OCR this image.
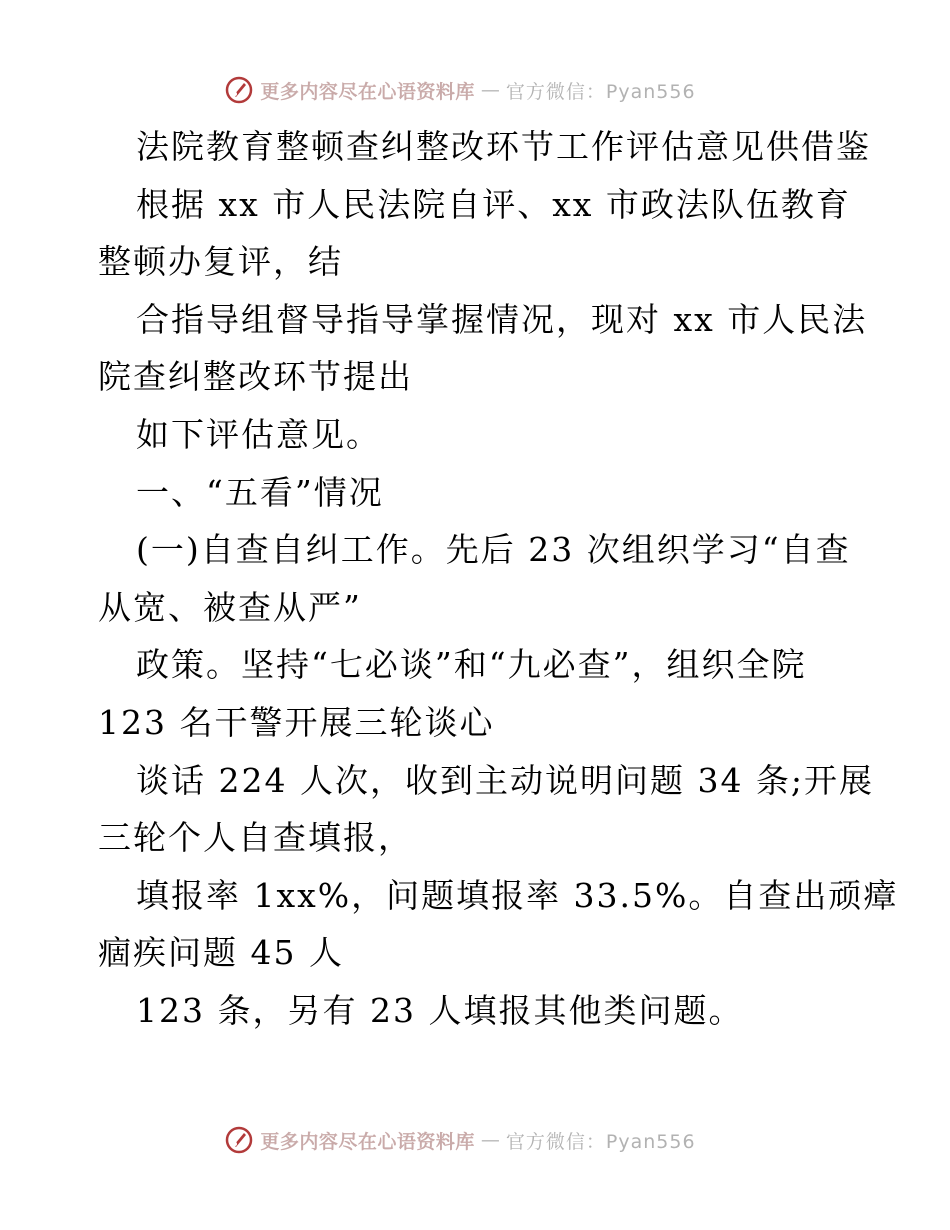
更多内容尽在心语资料库 — 官方微信：Pyan556
法院教育整顿查纠整改环节工作评估意见供借鉴
根据 xx 市人民法院自评、xx 市政法队伍教育
整顿办复评，结
合指导组督导指导掌握情况，现对 xx 市人民法
院查纠整改环节提出
如下评估意见。
一、“五看”情况
(一)自查自纠工作。先后 23 次组织学习“自查
从宽、被查从严”
政策。坚持“七必谈”和“九必查”，组织全院
123 名干警开展三轮谈心
谈话 224 人次，收到主动说明问题 34 条;开展
三轮个人自查填报，
填报率 1xx%，问题填报率 33.5%。自查出顽瘴
痼疾问题 45 人
123 条，另有 23 人填报其他类问题。
更多内容尽在心语资料库 — 官方微信：Pyan556
